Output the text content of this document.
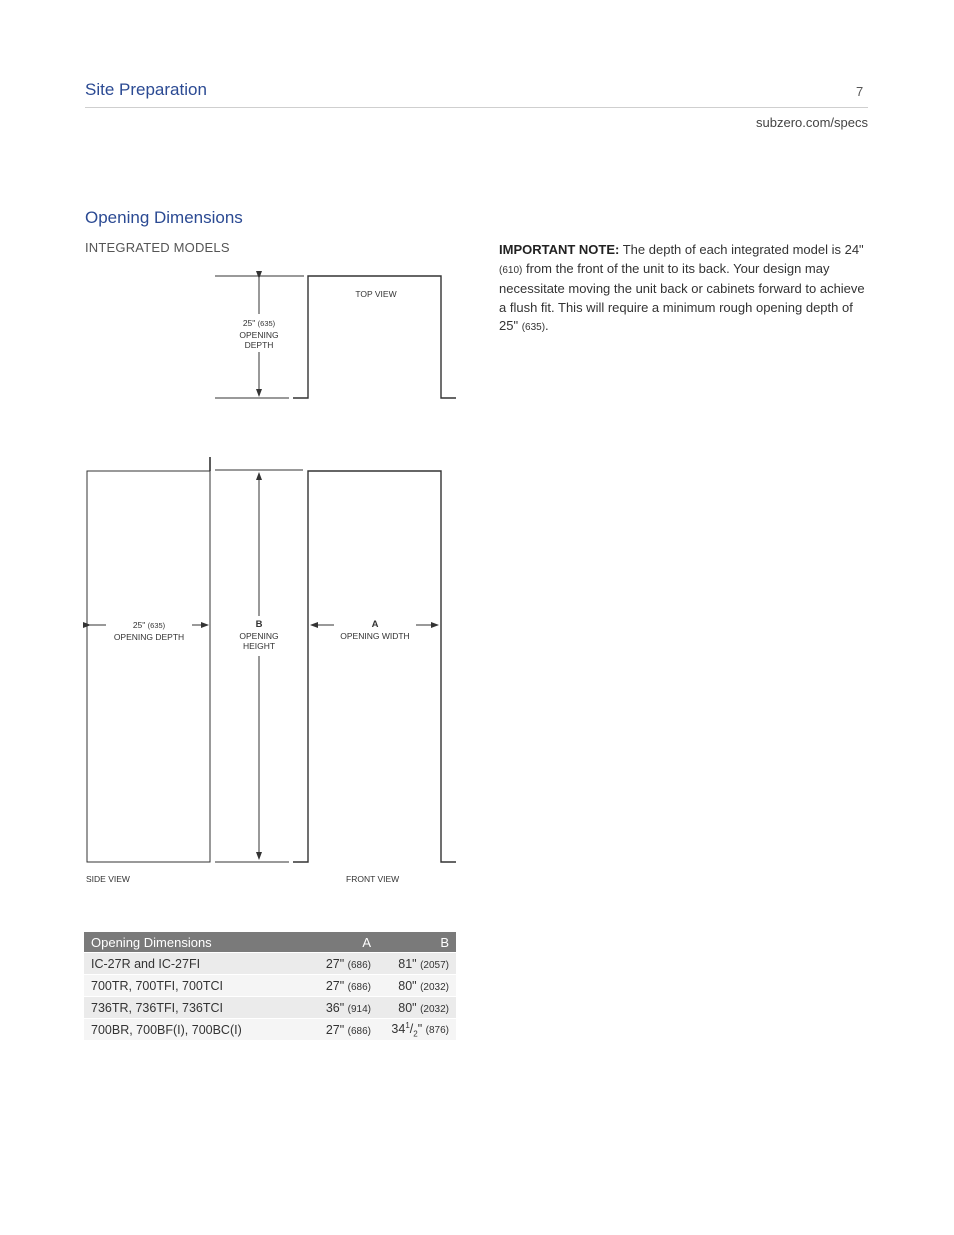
Site Preparation	7
subzero.com/specs
Opening Dimensions
INTEGRATED MODELS	IMPORTANT NOTE: The depth of each integrated model is 24" (610) from the front of the unit to its back. Your design may necessitate moving the unit back or cabinets forward to achieve a flush fit. This will require a minimum rough opening depth of 25" (635).
TOP VIEW
25" (635)
OPENING
DEPTH
25" (635)
OPENING DEPTH
B
OPENING
HEIGHT
A
OPENING WIDTH
SIDE VIEW	FRONT VIEW
Opening Dimensions	A	B
IC-27R and IC-27FI	27" (686)	81" (2057)
700TR, 700TFI, 700TCI	27" (686)	80" (2032)
736TR, 736TFI, 736TCI	36" (914)	80" (2032)
700BR, 700BF(I), 700BC(I)	27" (686)	$34^1/_2$" (876)
